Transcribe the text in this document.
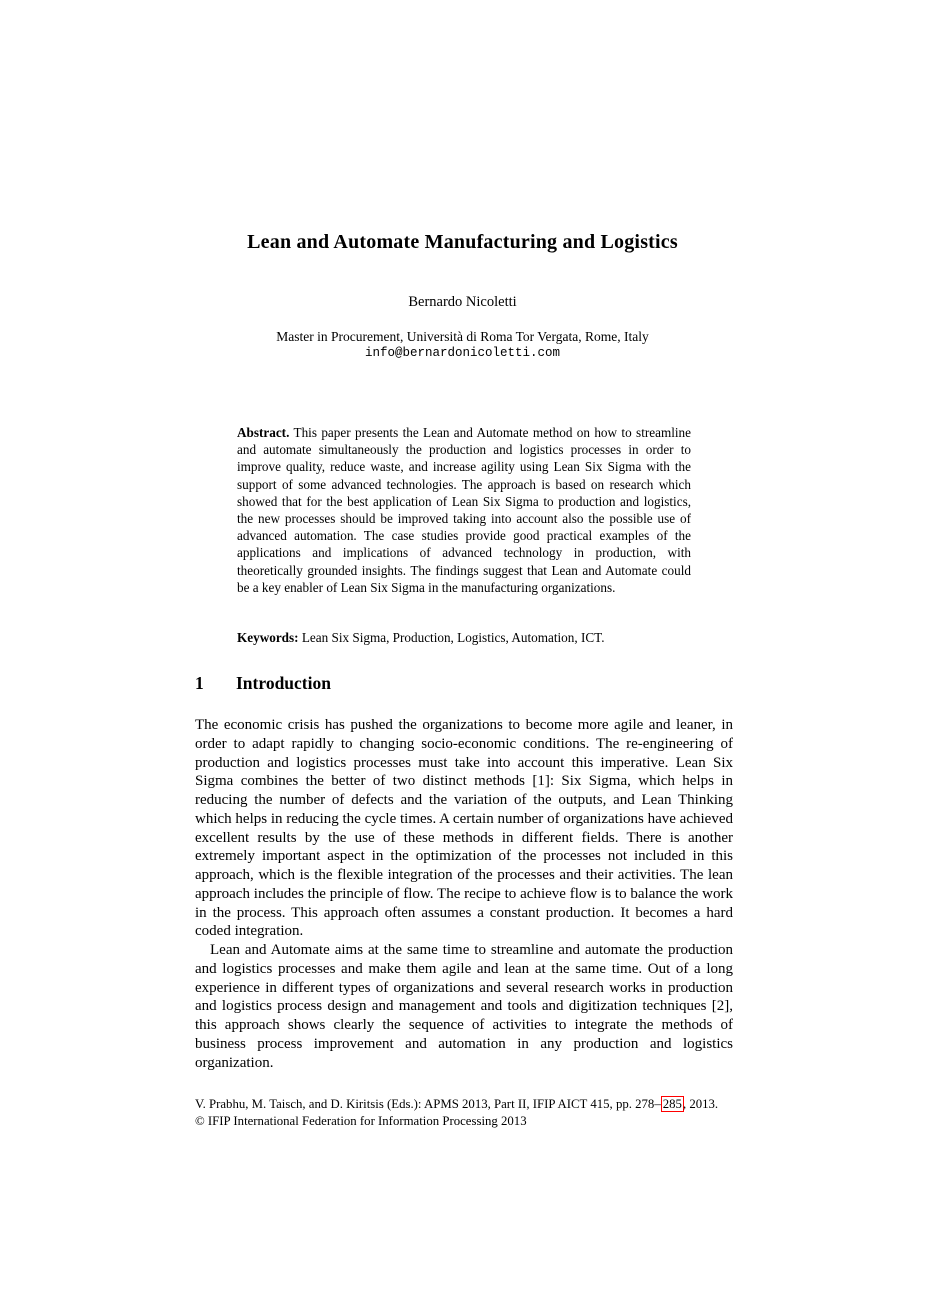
Lean and Automate Manufacturing and Logistics
Bernardo Nicoletti
Master in Procurement, Università di Roma Tor Vergata, Rome, Italy
info@bernardonicoletti.com
Abstract. This paper presents the Lean and Automate method on how to streamline and automate simultaneously the production and logistics processes in order to improve quality, reduce waste, and increase agility using Lean Six Sigma with the support of some advanced technologies. The approach is based on research which showed that for the best application of Lean Six Sigma to production and logistics, the new processes should be improved taking into account also the possible use of advanced automation. The case studies provide good practical examples of the applications and implications of advanced technology in production, with theoretically grounded insights. The findings suggest that Lean and Automate could be a key enabler of Lean Six Sigma in the manufacturing organizations.
Keywords: Lean Six Sigma, Production, Logistics, Automation, ICT.
1 Introduction

The economic crisis has pushed the organizations to become more agile and leaner, in order to adapt rapidly to changing socio-economic conditions. The re-engineering of production and logistics processes must take into account this imperative. Lean Six Sigma combines the better of two distinct methods [1]: Six Sigma, which helps in reducing the number of defects and the variation of the outputs, and Lean Thinking which helps in reducing the cycle times. A certain number of organizations have achieved excellent results by the use of these methods in different fields. There is another extremely important aspect in the optimization of the processes not included in this approach, which is the flexible integration of the processes and their activities. The lean approach includes the principle of flow. The recipe to achieve flow is to balance the work in the process. This approach often assumes a constant production. It becomes a hard coded integration.

Lean and Automate aims at the same time to streamline and automate the production and logistics processes and make them agile and lean at the same time. Out of a long experience in different types of organizations and several research works in production and logistics process design and management and tools and digitization techniques [2], this approach shows clearly the sequence of activities to integrate the methods of business process improvement and automation in any production and logistics organization.

V. Prabhu, M. Taisch, and D. Kiritsis (Eds.): APMS 2013, Part II, IFIP AICT 415, pp. 278– 285, 2013.
© IFIP International Federation for Information Processing 2013
